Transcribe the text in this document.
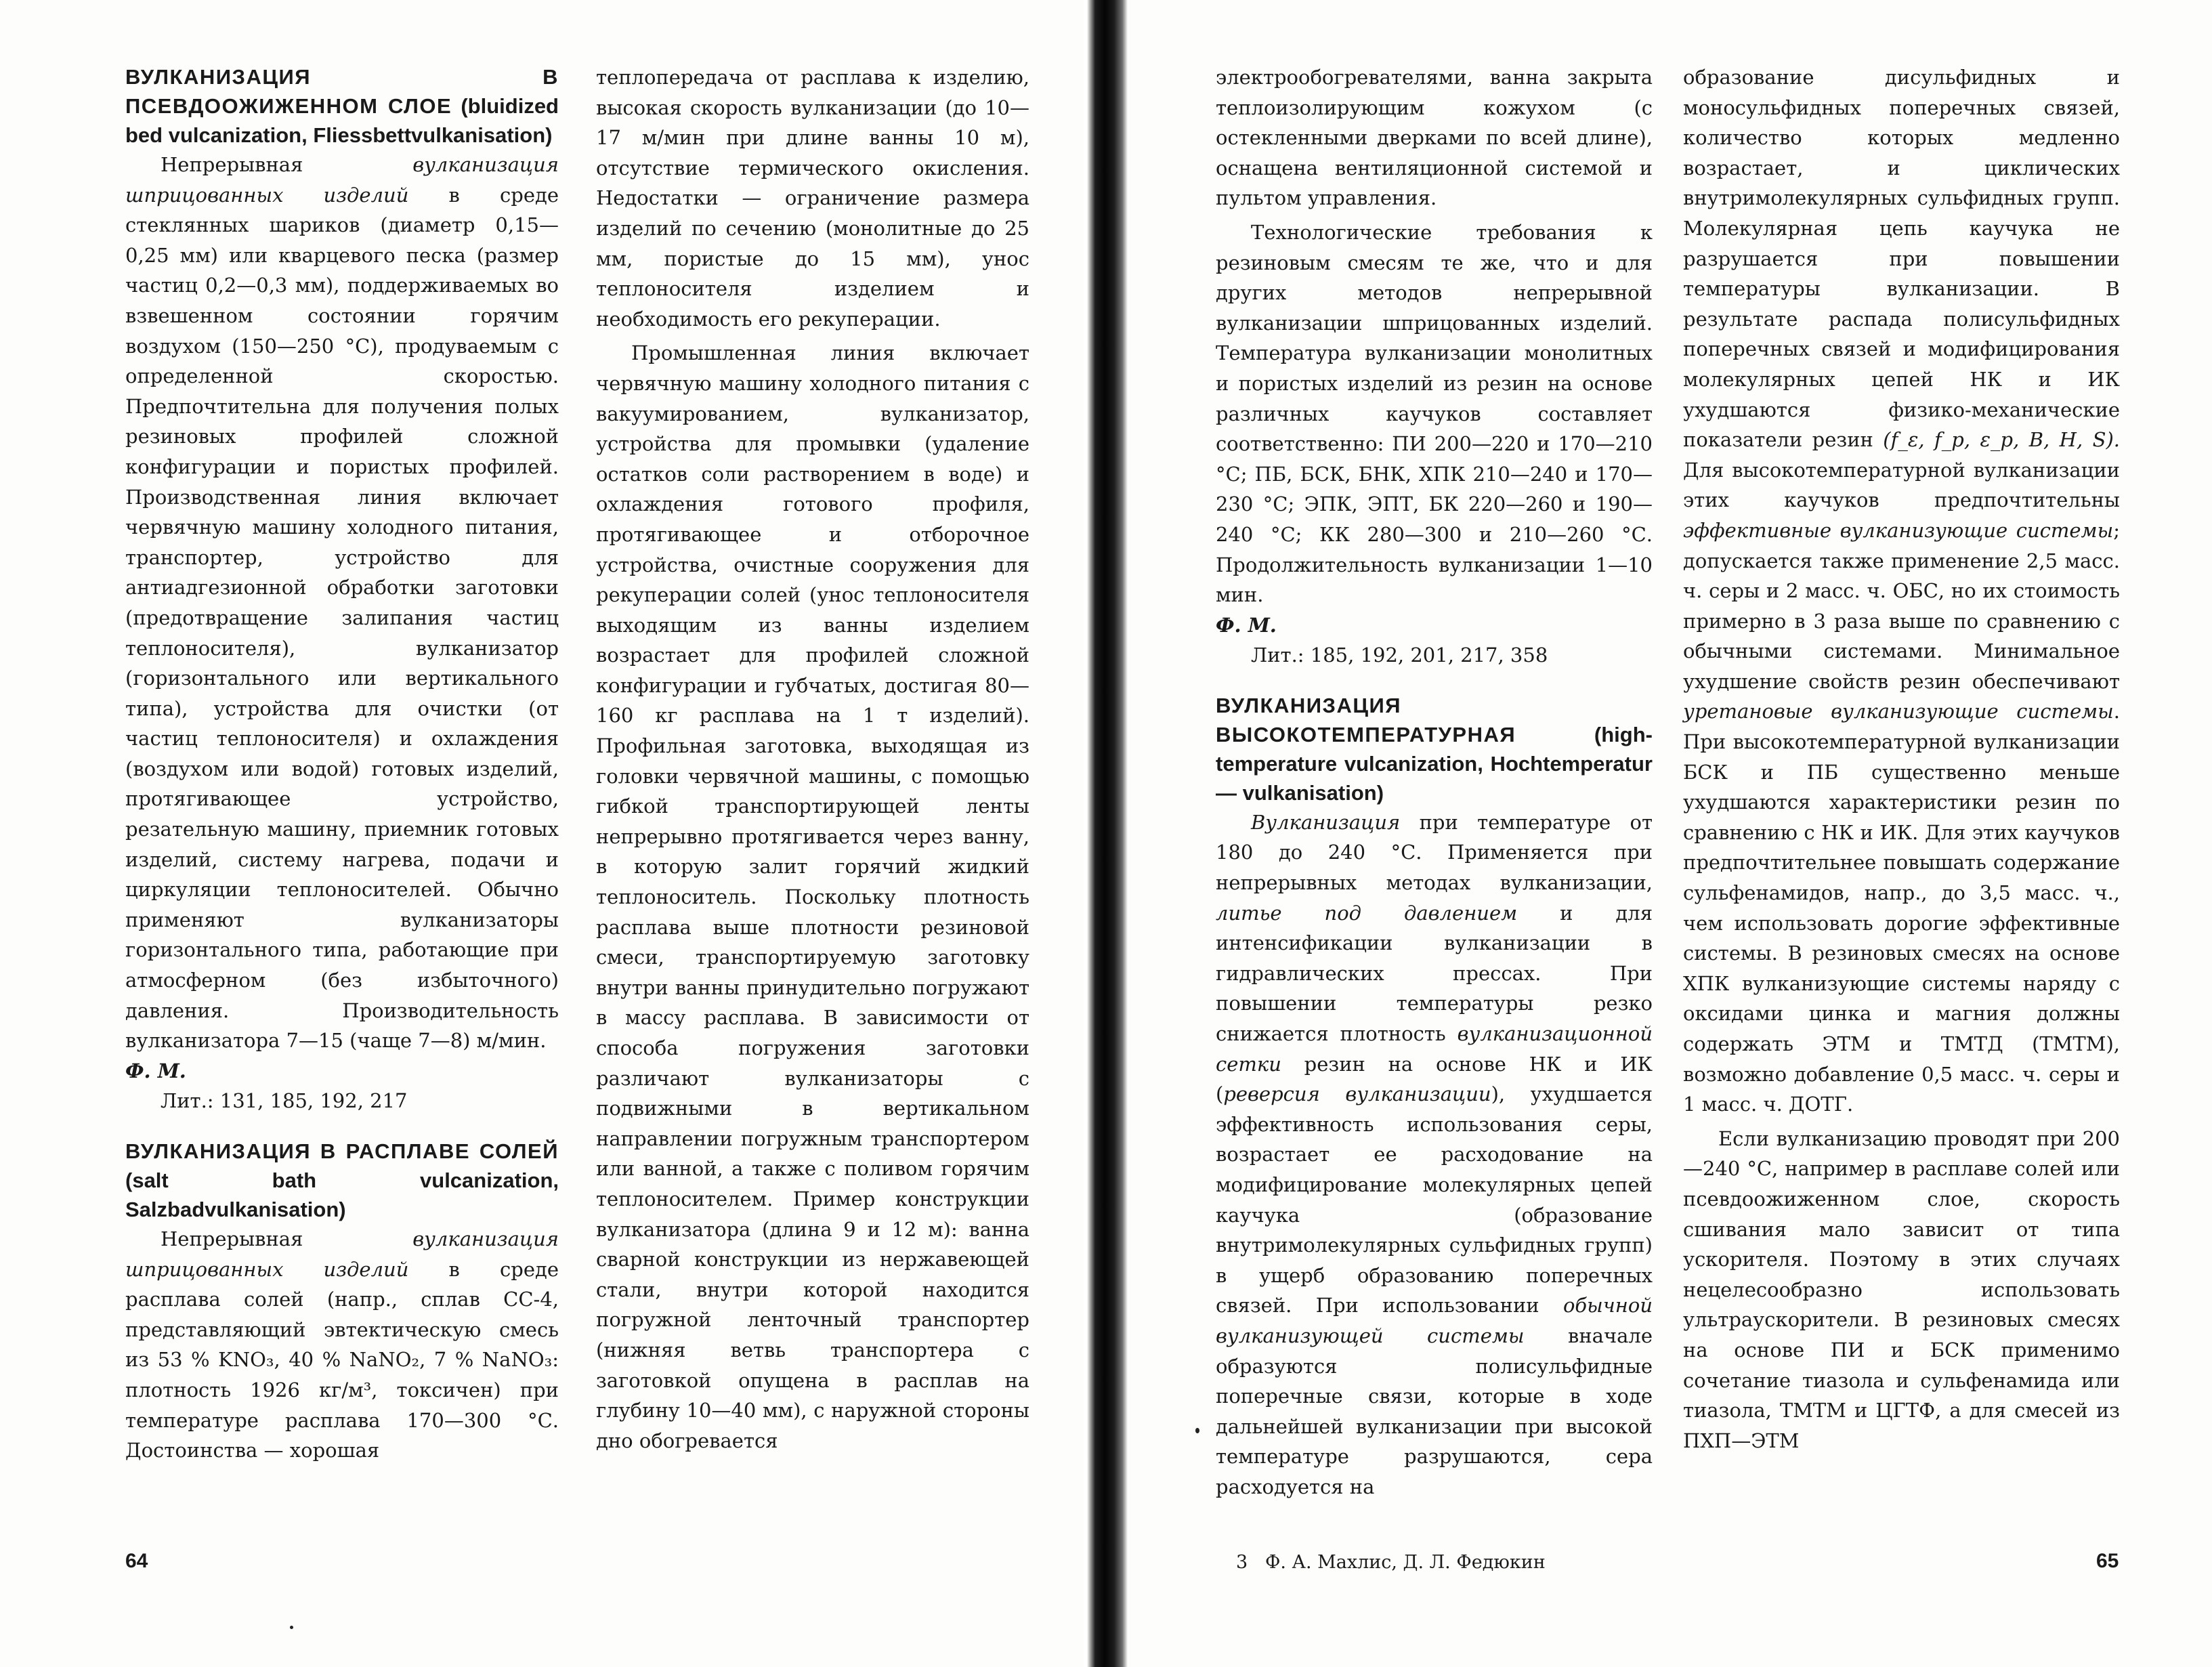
ВУЛКАНИЗАЦИЯ В ПСЕВДООЖИЖЕННОМ СЛОЕ (bluidized bed vulcanization, Fliessbettvulkanisation)

Непрерывная вулканизация шприцованных изделий в среде стеклянных шариков (диаметр 0,15—0,25 мм) или кварцевого песка (размер частиц 0,2—0,3 мм), поддерживаемых во взвешенном состоянии горячим воздухом (150—250 °С), продуваемым с определенной скоростью. Предпочтительна для получения полых резиновых профилей сложной конфигурации и пористых профилей. Производственная линия включает червячную машину холодного питания, транспортер, устройство для антиадгезионной обработки заготовки (предотвращение залипания частиц теплоносителя), вулканизатор (горизонтального или вертикального типа), устройства для очистки (от частиц теплоносителя) и охлаждения (воздухом или водой) готовых изделий, протягивающее устройство, резательную машину, приемник готовых изделий, систему нагрева, подачи и циркуляции теплоносителей. Обычно применяют вулканизаторы горизонтального типа, работающие при атмосферном (без избыточного) давления. Производительность вулканизатора 7—15 (чаще 7—8) м/мин.

Ф. М.

Лит.: 131, 185, 192, 217

ВУЛКАНИЗАЦИЯ В РАСПЛАВЕ СОЛЕЙ (salt bath vulcanization, Salzbadvulkanisation)

Непрерывная вулканизация шприцованных изделий в среде расплава солей (напр., сплав СС-4, представляющий эвтектическую смесь из 53 % KNO₃, 40 % NaNO₂, 7 % NaNO₃: плотность 1926 кг/м³, токсичен) при температуре расплава 170—300 °С. Достоинства — хорошая

теплопередача от расплава к изделию, высокая скорость вулканизации (до 10—17 м/мин при длине ванны 10 м), отсутствие термического окисления. Недостатки — ограничение размера изделий по сечению (монолитные до 25 мм, пористые до 15 мм), унос теплоносителя изделием и необходимость его рекуперации.

Промышленная линия включает червячную машину холодного питания с вакуумированием, вулканизатор, устройства для промывки (удаление остатков соли растворением в воде) и охлаждения готового профиля, протягивающее и отборочное устройства, очистные сооружения для рекуперации солей (унос теплоносителя выходящим из ванны изделием возрастает для профилей сложной конфигурации и губчатых, достигая 80—160 кг расплава на 1 т изделий). Профильная заготовка, выходящая из головки червячной машины, с помощью гибкой транспортирующей ленты непрерывно протягивается через ванну, в которую залит горячий жидкий теплоноситель. Поскольку плотность расплава выше плотности резиновой смеси, транспортируемую заготовку внутри ванны принудительно погружают в массу расплава. В зависимости от способа погружения заготовки различают вулканизаторы с подвижными в вертикальном направлении погружным транспортером или ванной, а также с поливом горячим теплоносителем. Пример конструкции вулканизатора (длина 9 и 12 м): ванна сварной конструкции из нержавеющей стали, внутри которой находится погружной ленточный транспортер (нижняя ветвь транспортера с заготовкой опущена в расплав на глубину 10—40 мм), с наружной стороны дно обогревается

64

электрообогревателями, ванна закрыта теплоизолирующим кожухом (с остекленными дверками по всей длине), оснащена вентиляционной системой и пультом управления.

Технологические требования к резиновым смесям те же, что и для других методов непрерывной вулканизации шприцованных изделий. Температура вулканизации монолитных и пористых изделий из резин на основе различных каучуков составляет соответственно: ПИ 200—220 и 170—210 °С; ПБ, БСК, БНК, ХПК 210—240 и 170—230 °С; ЭПК, ЭПТ, БК 220—260 и 190—240 °С; КК 280—300 и 210—260 °С. Продолжительность вулканизации 1—10 мин.

Ф. М.

Лит.: 185, 192, 201, 217, 358

ВУЛКАНИЗАЦИЯ ВЫСОКОТЕМПЕРАТУРНАЯ	(high-temperature vulcanization, Hochtemperatur — vulkanisation)

Вулканизация при температуре от 180 до 240 °С. Применяется при непрерывных методах вулканизации, литье под давлением и для интенсификации вулканизации в гидравлических прессах. При повышении температуры резко снижается плотность вулканизационной сетки резин на основе НК и ИК (реверсия вулканизации), ухудшается эффективность использования серы, возрастает ее расходование на модифицирование молекулярных цепей каучука (образование внутримолекулярных сульфидных групп) в ущерб образованию поперечных связей. При использовании обычной вулканизующей системы вначале образуются полисульфидные поперечные связи, которые в ходе дальнейшей вулканизации при высокой температуре разрушаются, сера расходуется на

образование дисульфидных и моносульфидных поперечных связей, количество которых медленно возрастает, и циклических внутримолекулярных сульфидных групп. Молекулярная цепь каучука не разрушается при повышении температуры вулканизации. В результате распада полисульфидных поперечных связей и модифицирования молекулярных цепей НК и ИК ухудшаются физико-механические показатели резин (f_ε, f_p, ε_p, B, H, S). Для высокотемпературной вулканизации этих каучуков предпочтительны эффективные вулканизующие системы; допускается также применение 2,5 масс. ч. серы и 2 масс. ч. ОБС, но их стоимость примерно в 3 раза выше по сравнению с обычными системами. Минимальное ухудшение свойств резин обеспечивают уретановые вулканизующие системы. При высокотемпературной вулканизации БСК и ПБ существенно меньше ухудшаются характеристики резин по сравнению с НК и ИК. Для этих каучуков предпочтительнее повышать содержание сульфенамидов, напр., до 3,5 масс. ч., чем использовать дорогие эффективные системы. В резиновых смесях на основе ХПК вулканизующие системы наряду с оксидами цинка и магния должны содержать ЭТМ и ТМТД (ТМТМ), возможно добавление 0,5 масс. ч. серы и 1 масс. ч. ДОТГ.

Если вулканизацию проводят при 200—240 °С, например в расплаве солей или псевдоожиженном слое, скорость сшивания мало зависит от типа ускорителя. Поэтому в этих случаях нецелесообразно использовать ультраускорители. В резиновых смесях на основе ПИ и БСК применимо сочетание тиазола и сульфенамида или тиазола, ТМТМ и ЦГТФ, а для смесей из ПХП—ЭТМ

3 Ф. А. Махлис, Д. Л. Федюкин	65
